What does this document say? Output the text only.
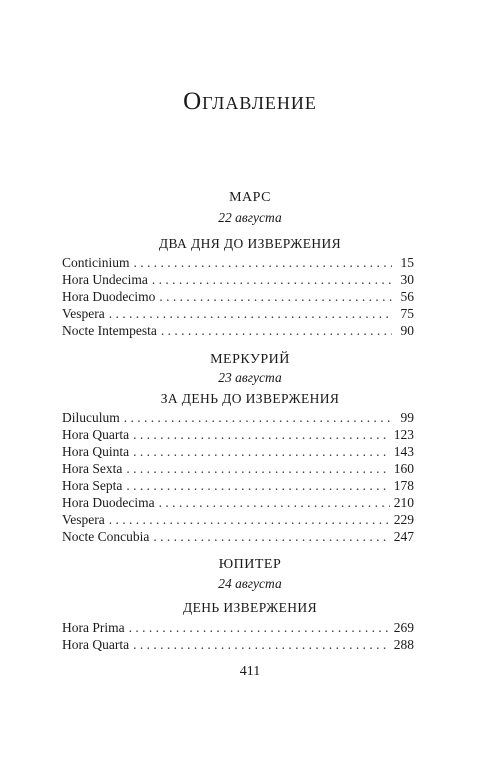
Оглавление
МАРС
22 августа
ДВА ДНЯ ДО ИЗВЕРЖЕНИЯ
Conticinium . . .	15
Hora Undecima . . .	30
Hora Duodecimo . . .	56
Vespera . . .	75
Nocte Intempesta . . .	90
МЕРКУРИЙ
23 августа
ЗА ДЕНЬ ДО ИЗВЕРЖЕНИЯ
Diluculum . . .	99
Hora Quarta . . .	123
Hora Quinta . . .	143
Hora Sexta . . .	160
Hora Septa . . .	178
Hora Duodecima . . .	210
Vespera . . .	229
Nocte Concubia . . .	247
ЮПИТЕР
24 августа
ДЕНЬ ИЗВЕРЖЕНИЯ
Hora Prima . . .	269
Hora Quarta . . .	288
411
